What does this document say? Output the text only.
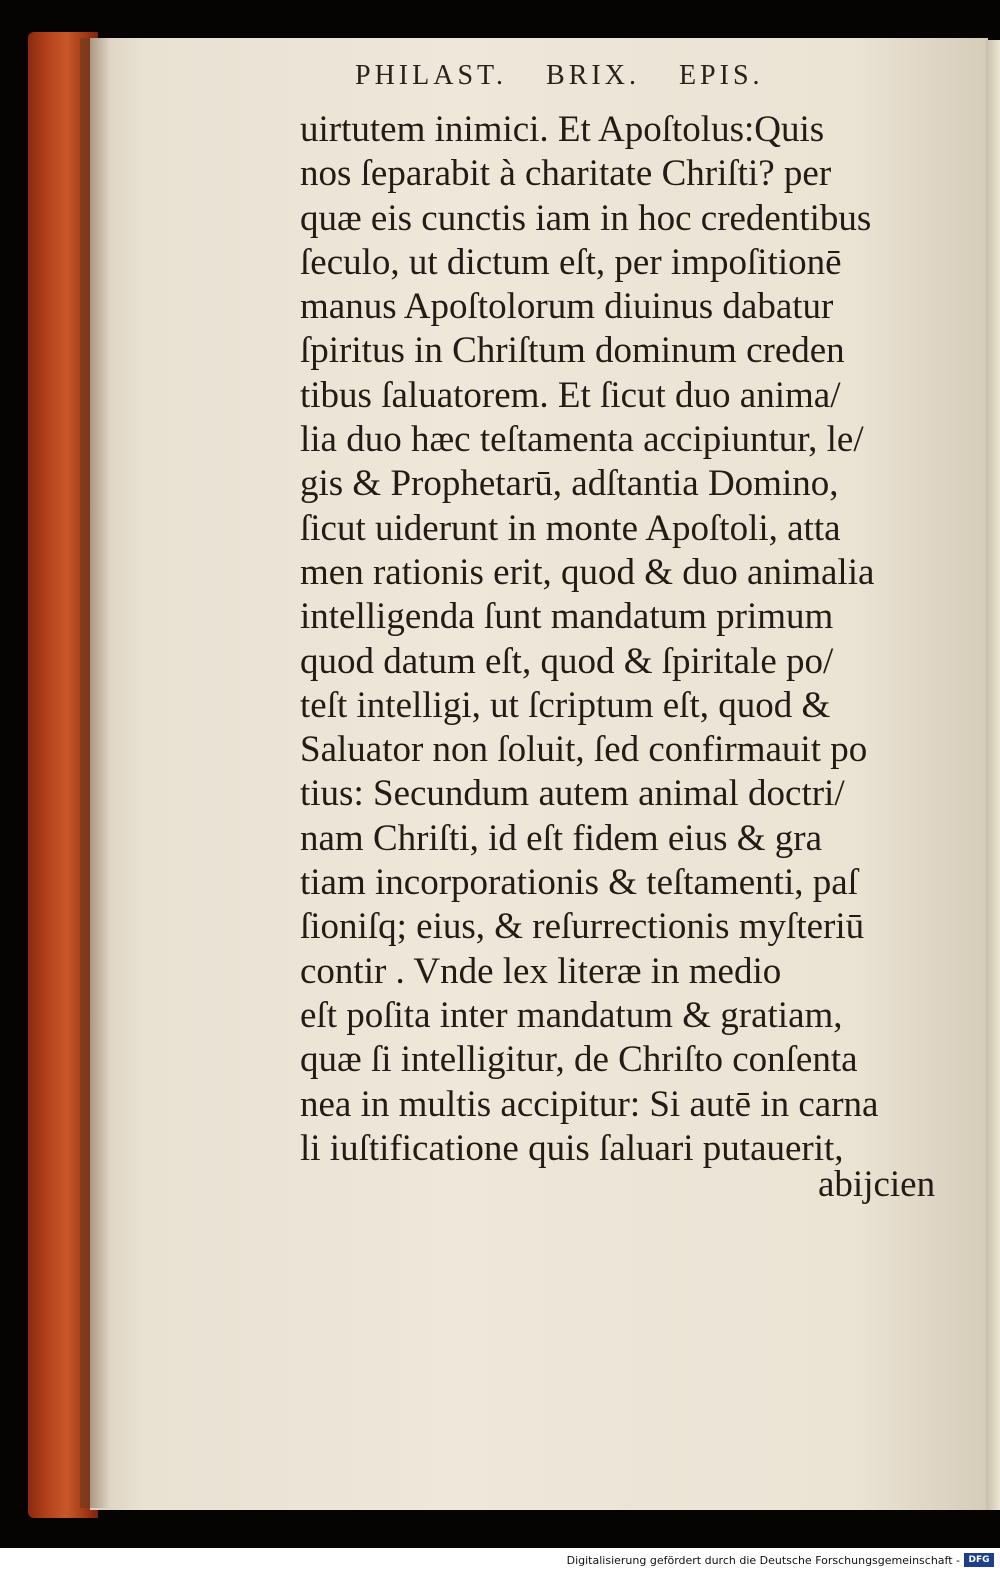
PHILAST. BRIX. EPIS.
uirtutem inimici. Et Apoſtolus:Quis
nos ſeparabit à charitate Chriſti? per
quæ eis cunctis iam in hoc credentibus
ſeculo, ut dictum eſt, per impoſitionē
manus Apoſtolorum diuinus dabatur
ſpiritus in Chriſtum dominum creden
tibus ſaluatorem. Et ſicut duo anima/
lia duo hæc teſtamenta accipiuntur, le/
gis & Prophetarū, adſtantia Domino,
ſicut uiderunt in monte Apoſtoli, atta
men rationis erit, quod & duo animalia
intelligenda ſunt mandatum primum
quod datum eſt, quod & ſpiritale po/
teſt intelligi, ut ſcriptum eſt, quod &
Saluator non ſoluit, ſed confirmauit po
tius: Secundum autem animal doctri/
nam Chriſti, id eſt fidem eius & gra
tiam incorporationis & teſtamenti, paſ
ſioniſq; eius, & reſurrectionis myſteriū
contir . Vnde lex literæ in medio
eſt poſita inter mandatum & gratiam,
quæ ſi intelligitur, de Chriſto conſenta
nea in multis accipitur: Si autē in carna
li iuſtificatione quis ſaluari putauerit,
abijcien
Digitalisierung gefördert durch die Deutsche Forschungsgemeinschaft - DFG
